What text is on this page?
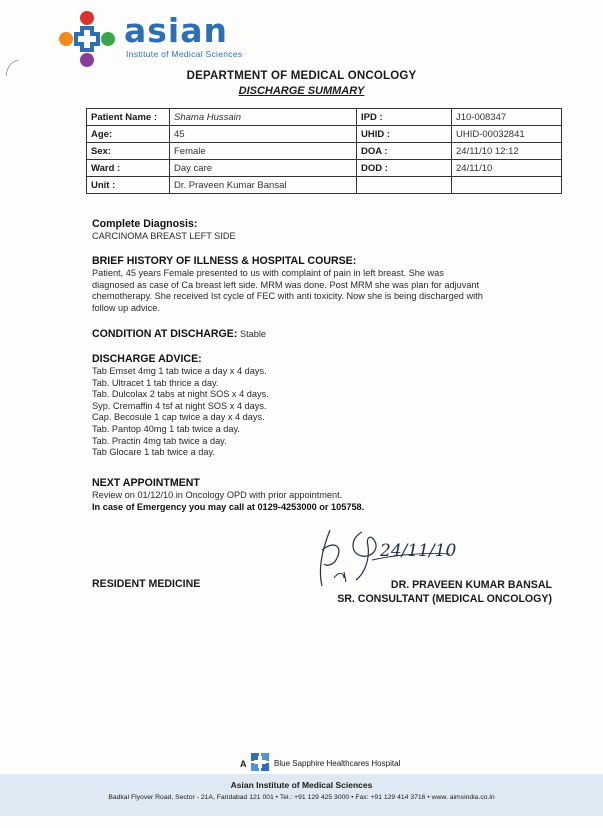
asian
Institute of Medical Sciences
DEPARTMENT OF MEDICAL ONCOLOGY
DISCHARGE SUMMARY
Patient Name :	Shama Hussain	IPD :	J10-008347
Age:	45	UHID :	UHID-00032841
Sex:	Female	DOA :	24/11/10 12:12
Ward :	Day care	DOD :	24/11/10
Unit :	Dr. Praveen Kumar Bansal		
Complete Diagnosis:
CARCINOMA BREAST LEFT SIDE
BRIEF HISTORY OF ILLNESS & HOSPITAL COURSE:
Patient, 45 years Female presented to us with complaint of pain in left breast. She was
diagnosed as case of Ca breast left side. MRM was done. Post MRM she was plan for adjuvant
chemotherapy. She received Ist cycle of FEC with anti toxicity. Now she is being discharged with
follow up advice.
CONDITION AT DISCHARGE: Stable
DISCHARGE ADVICE:
Tab Emset 4mg 1 tab twice a day x 4 days.
Tab. Ultracet 1 tab thrice a day.
Tab. Dulcolax 2 tabs at night SOS x 4 days.
Syp. Cremaffin 4 tsf at night SOS x 4 days.
Cap. Becosule 1 cap twice a day x 4 days.
Tab. Pantop 40mg 1 tab twice a day.
Tab. Practin 4mg tab twice a day.
Tab Glocare 1 tab twice a day.
NEXT APPOINTMENT
Review on 01/12/10 in Oncology OPD with prior appointment.
In case of Emergency you may call at 0129-4253000 or 105758.
24/11/10
RESIDENT MEDICINE	DR. PRAVEEN KUMAR BANSAL
SR. CONSULTANT (MEDICAL ONCOLOGY)
A	Blue Sapphire Healthcares Hospital
Asian Institute of Medical Sciences
Badkal Flyover Road, Sector - 21A, Faridabad 121 001 • Tel.: +91 129 425 3000 • Fax: +91 129 414 3716 • www. aimsindia.co.in
